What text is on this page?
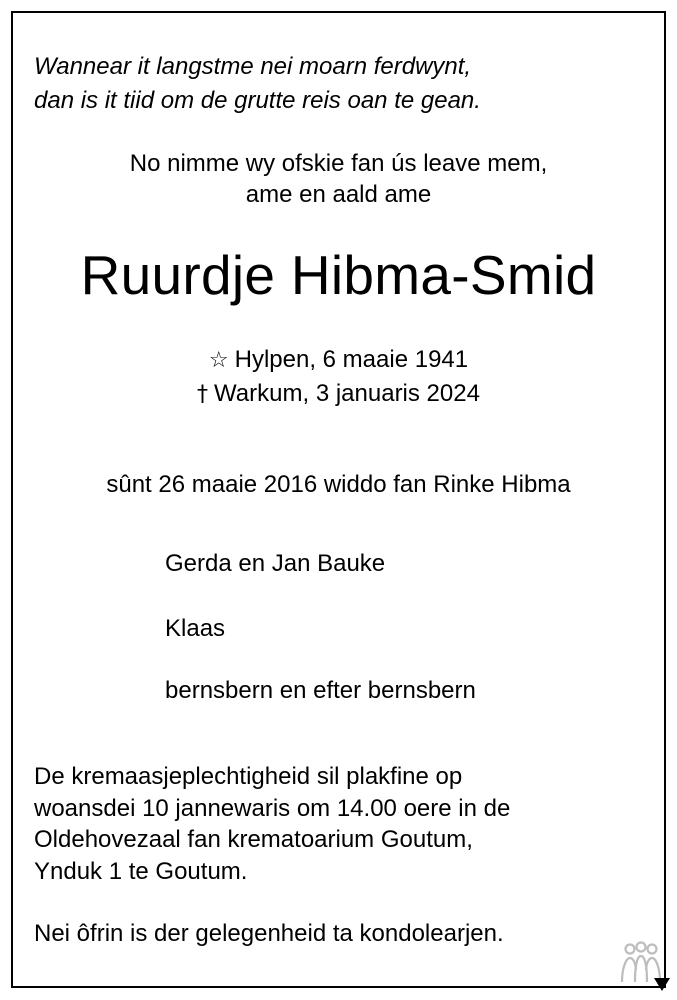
Wannear it langstme nei moarn ferdwynt,
dan is it tiid om de grutte reis oan te gean.
No nimme wy ofskie fan ús leave mem,
ame en aald ame
Ruurdje Hibma-Smid
☆ Hylpen, 6 maaie 1941
† Warkum, 3 januaris 2024
sûnt 26 maaie 2016 widdo fan Rinke Hibma
Gerda en Jan Bauke
Klaas
bernsbern en efter bernsbern
De kremaasjeplechtigheid sil plakfine op
woansdei 10 jannewaris om 14.00 oere in de
Oldehovezaal fan krematoarium Goutum,
Ynduk 1 te Goutum.
Nei ôfrin is der gelegenheid ta kondolearjen.
